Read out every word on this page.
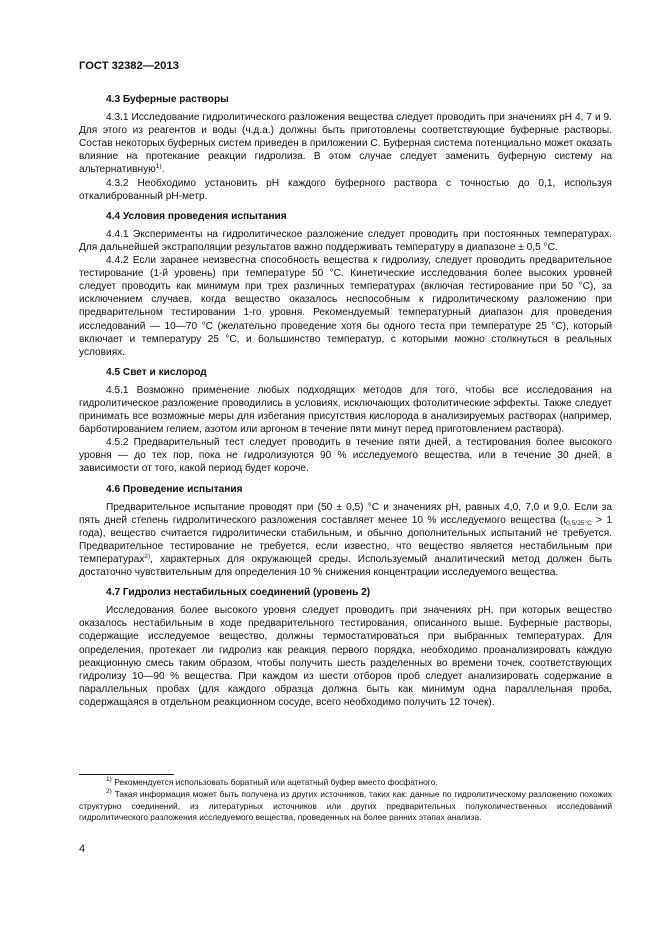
ГОСТ 32382—2013
4.3 Буферные растворы

4.3.1 Исследование гидролитического разложения вещества следует проводить при значениях рН 4, 7 и 9. Для этого из реагентов и воды (ч.д.а.) должны быть приготовлены соответствующие буферные растворы. Состав некоторых буферных систем приведен в приложении С. Буферная система потенциально может оказать влияние на протекание реакции гидролиза. В этом случае следует заменить буферную систему на альтернативную$^{1)}$.

4.3.2 Необходимо установить рН каждого буферного раствора с точностью до 0,1, используя откалиброванный рН-метр.

4.4 Условия проведения испытания

4.4.1 Эксперименты на гидролитическое разложение следует проводить при постоянных температурах. Для дальнейшей экстраполяции результатов важно поддерживать температуру в диапазоне ± 0,5 °С.

4.4.2 Если заранее неизвестна способность вещества к гидролизу, следует проводить предварительное тестирование (1-й уровень) при температуре 50 °С. Кинетические исследования более высоких уровней следует проводить как минимум при трех различных температурах (включая тестирование при 50 °С), за исключением случаев, когда вещество оказалось неспособным к гидролитическому разложению при предварительном тестировании 1-го уровня. Рекомендуемый температурный диапазон для проведения исследований — 10—70 °С (желательно проведение хотя бы одного теста при температуре 25 °С), который включает и температуру 25 °С, и большинство температур, с которыми можно столкнуться в реальных условиях.

4.5 Свет и кислород

4.5.1 Возможно применение любых подходящих методов для того, чтобы все исследования на гидролитическое разложение проводились в условиях, исключающих фотолитические эффекты. Также следует принимать все возможные меры для избегания присутствия кислорода в анализируемых растворах (например, барботированием гелием, азотом или аргоном в течение пяти минут перед приготовлением раствора).

4.5.2 Предварительный тест следует проводить в течение пяти дней, а тестирования более высокого уровня — до тех пор, пока не гидролизуются 90 % исследуемого вещества, или в течение 30 дней, в зависимости от того, какой период будет короче.

4.6 Проведение испытания

Предварительное испытание проводят при (50 ± 0,5) °С и значениях рН, равных 4,0, 7,0 и 9,0. Если за пять дней степень гидролитического разложения составляет менее 10 % исследуемого вещества ($t_{0,5/25^\circ С} > 1$ года), вещество считается гидролитически стабильным, и обычно дополнительных испытаний не требуется. Предварительное тестирование не требуется, если известно, что вещество является нестабильным при температурах$^{2)}$, характерных для окружающей среды. Используемый аналитический метод должен быть достаточно чувствительным для определения 10 % снижения концентрации исследуемого вещества.

4.7 Гидролиз нестабильных соединений (уровень 2)

Исследования более высокого уровня следует проводить при значениях рН, при которых вещество оказалось нестабильным в ходе предварительного тестирования, описанного выше. Буферные растворы, содержащие исследуемое вещество, должны термостатироваться при выбранных температурах. Для определения, протекает ли гидролиз как реакция первого порядка, необходимо проанализировать каждую реакционную смесь таким образом, чтобы получить шесть разделенных во времени точек, соответствующих гидролизу 10—90 % вещества. При каждом из шести отборов проб следует анализировать содержание в параллельных пробах (для каждого образца должна быть как минимум одна параллельная проба, содержащаяся в отдельном реакционном сосуде, всего необходимо получить 12 точек).

$^{1)}$ Рекомендуется использовать боратный или ацетатный буфер вместо фосфатного.

$^{2)}$ Такая информация может быть получена из других источников, таких как: данные по гидролитическому разложению похожих структурно соединений, из литературных источников или других предварительных полуколичественных исследований гидролитического разложения исследуемого вещества, проведенных на более ранних этапах анализа.

4
